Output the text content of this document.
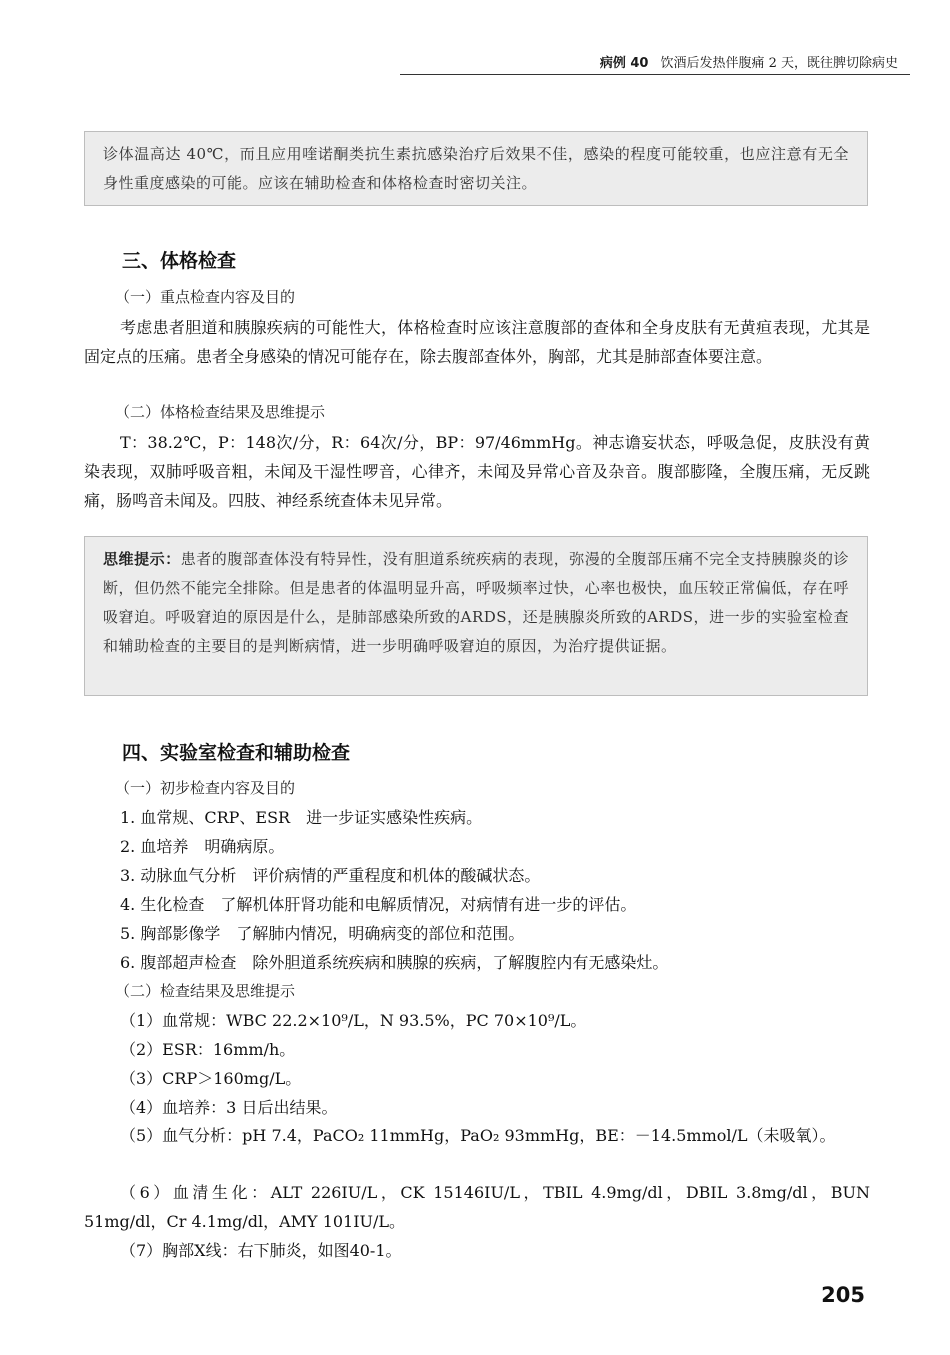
病例 40 饮酒后发热伴腹痛 2 天，既往脾切除病史
诊体温高达 40℃，而且应用喹诺酮类抗生素抗感染治疗后效果不佳，感染的程度可能较重，也应注意有无全身性重度感染的可能。应该在辅助检查和体格检查时密切关注。
三、体格检查
（一）重点检查内容及目的
考虑患者胆道和胰腺疾病的可能性大，体格检查时应该注意腹部的查体和全身皮肤有无黄疸表现，尤其是固定点的压痛。患者全身感染的情况可能存在，除去腹部查体外，胸部，尤其是肺部查体要注意。
（二）体格检查结果及思维提示
T：38.2℃，P：148次/分，R：64次/分，BP：97/46mmHg。神志谵妄状态，呼吸急促，皮肤没有黄染表现，双肺呼吸音粗，未闻及干湿性啰音，心律齐，未闻及异常心音及杂音。腹部膨隆，全腹压痛，无反跳痛，肠鸣音未闻及。四肢、神经系统查体未见异常。
思维提示：患者的腹部查体没有特异性，没有胆道系统疾病的表现，弥漫的全腹部压痛不完全支持胰腺炎的诊断，但仍然不能完全排除。但是患者的体温明显升高，呼吸频率过快，心率也极快，血压较正常偏低，存在呼吸窘迫。呼吸窘迫的原因是什么，是肺部感染所致的ARDS，还是胰腺炎所致的ARDS，进一步的实验室检查和辅助检查的主要目的是判断病情，进一步明确呼吸窘迫的原因，为治疗提供证据。
四、实验室检查和辅助检查
（一）初步检查内容及目的
1. 血常规、CRP、ESR　进一步证实感染性疾病。
2. 血培养　明确病原。
3. 动脉血气分析　评价病情的严重程度和机体的酸碱状态。
4. 生化检查　了解机体肝肾功能和电解质情况，对病情有进一步的评估。
5. 胸部影像学　了解肺内情况，明确病变的部位和范围。
6. 腹部超声检查　除外胆道系统疾病和胰腺的疾病，了解腹腔内有无感染灶。
（二）检查结果及思维提示
（1）血常规：WBC 22.2×10⁹/L，N 93.5%，PC 70×10⁹/L。
（2）ESR：16mm/h。
（3）CRP＞160mg/L。
（4）血培养：3 日后出结果。
（5）血气分析：pH 7.4，PaCO₂ 11mmHg，PaO₂ 93mmHg，BE：－14.5mmol/L（未吸氧）。
（6）血清生化：ALT 226IU/L，CK 15146IU/L，TBIL 4.9mg/dl，DBIL 3.8mg/dl，BUN 51mg/dl，Cr 4.1mg/dl，AMY 101IU/L。
（7）胸部X线：右下肺炎，如图40-1。
205
